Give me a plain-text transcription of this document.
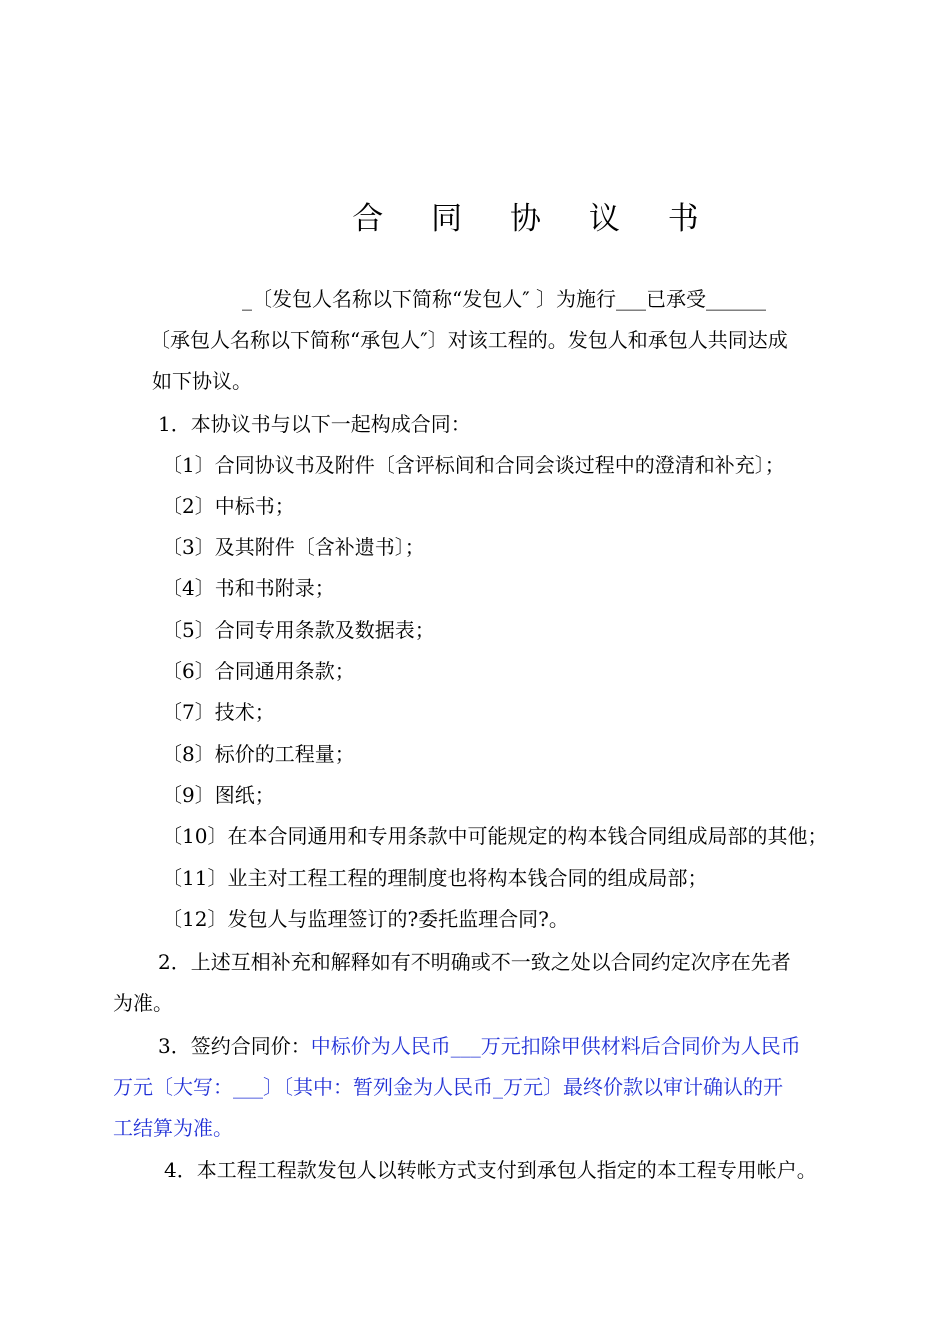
合 同 协 议 书
_〔发包人名称以下简称“发包人″ 〕为施行___已承受______
〔承包人名称以下简称“承包人″〕对该工程的。发包人和承包人共同达成
如下协议。
1．本协议书与以下一起构成合同：
〔1〕合同协议书及附件〔含评标间和合同会谈过程中的澄清和补充〕；
〔2〕中标书；
〔3〕及其附件〔含补遗书〕；
〔4〕书和书附录；
〔5〕合同专用条款及数据表；
〔6〕合同通用条款；
〔7〕技术；
〔8〕标价的工程量；
〔9〕图纸；
〔10〕在本合同通用和专用条款中可能规定的构本钱合同组成局部的其他；
〔11〕业主对工程工程的理制度也将构本钱合同的组成局部；
〔12〕发包人与监理签订的?委托监理合同?。
2．上述互相补充和解释如有不明确或不一致之处以合同约定次序在先者
为准。
3．签约合同价：中标价为人民币___万元扣除甲供材料后合同价为人民币
万元〔大写：___〕〔其中：暂列金为人民币_万元〕最终价款以审计确认的开
工结算为准。
4．本工程工程款发包人以转帐方式支付到承包人指定的本工程专用帐户。
